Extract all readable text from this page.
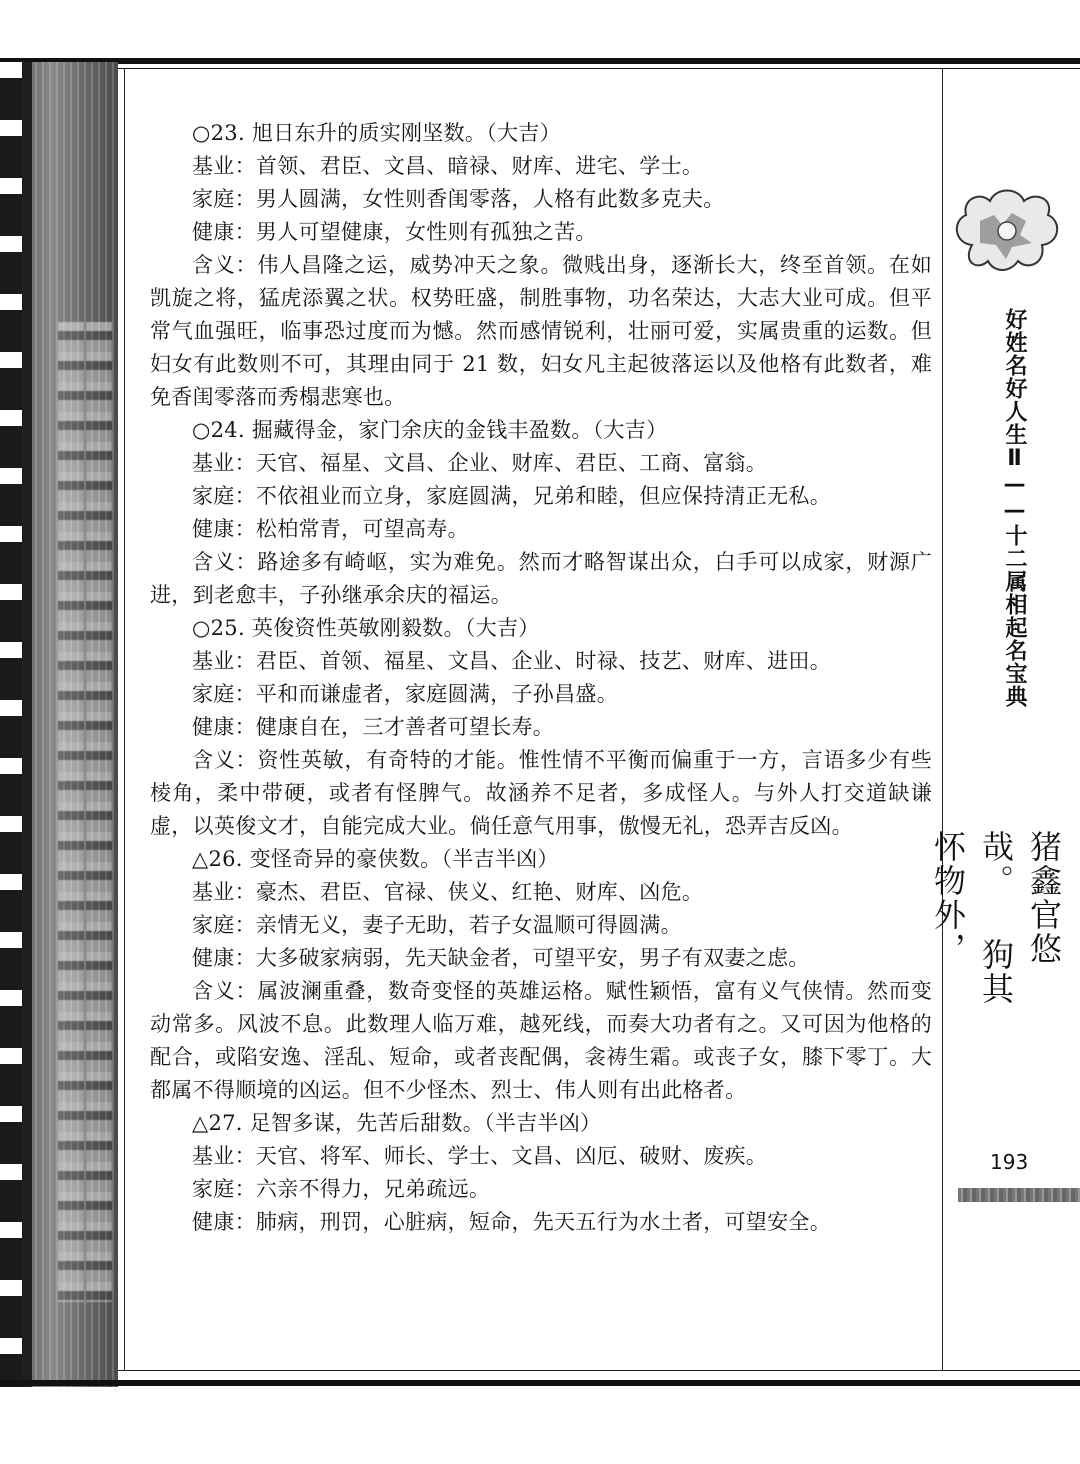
○23. 旭日东升的质实刚坚数。（大吉）

基业：首领、君臣、文昌、暗禄、财库、进宅、学士。

家庭：男人圆满，女性则香闺零落，人格有此数多克夫。

健康：男人可望健康，女性则有孤独之苦。

含义：伟人昌隆之运，威势冲天之象。微贱出身，逐渐长大，终至首领。在如凯旋之将，猛虎添翼之状。权势旺盛，制胜事物，功名荣达，大志大业可成。但平常气血强旺，临事恐过度而为憾。然而感情锐利，壮丽可爱，实属贵重的运数。但妇女有此数则不可，其理由同于 21 数，妇女凡主起彼落运以及他格有此数者，难免香闺零落而秀榻悲寒也。

○24. 掘藏得金，家门余庆的金钱丰盈数。（大吉）

基业：天官、福星、文昌、企业、财库、君臣、工商、富翁。

家庭：不依祖业而立身，家庭圆满，兄弟和睦，但应保持清正无私。

健康：松柏常青，可望高寿。

含义：路途多有崎岖，实为难免。然而才略智谋出众，白手可以成家，财源广进，到老愈丰，子孙继承余庆的福运。

○25. 英俊资性英敏刚毅数。（大吉）

基业：君臣、首领、福星、文昌、企业、时禄、技艺、财库、进田。

家庭：平和而谦虚者，家庭圆满，子孙昌盛。

健康：健康自在，三才善者可望长寿。

含义：资性英敏，有奇特的才能。惟性情不平衡而偏重于一方，言语多少有些棱角，柔中带硬，或者有怪脾气。故涵养不足者，多成怪人。与外人打交道缺谦虚，以英俊文才，自能完成大业。倘任意气用事，傲慢无礼，恐弄吉反凶。

△26. 变怪奇异的豪侠数。（半吉半凶）

基业：豪杰、君臣、官禄、侠义、红艳、财库、凶危。

家庭：亲情无义，妻子无助，若子女温顺可得圆满。

健康：大多破家病弱，先天缺金者，可望平安，男子有双妻之虑。

含义：属波澜重叠，数奇变怪的英雄运格。赋性颖悟，富有义气侠情。然而变动常多。风波不息。此数理人临万难，越死线，而奏大功者有之。又可因为他格的配合，或陷安逸、淫乱、短命，或者丧配偶，衾祷生霜。或丧子女，膝下零丁。大都属不得顺境的凶运。但不少怪杰、烈士、伟人则有出此格者。

△27. 足智多谋，先苦后甜数。（半吉半凶）

基业：天官、将军、师长、学士、文昌、凶厄、破财、废疾。

家庭：六亲不得力，兄弟疏远。

健康：肺病，刑罚，心脏病，短命，先天五行为水土者，可望安全。

好姓名好人生Ⅱ——十二属相起名宝典
猪鑫官悠哉。 狗其怀物外，
193
